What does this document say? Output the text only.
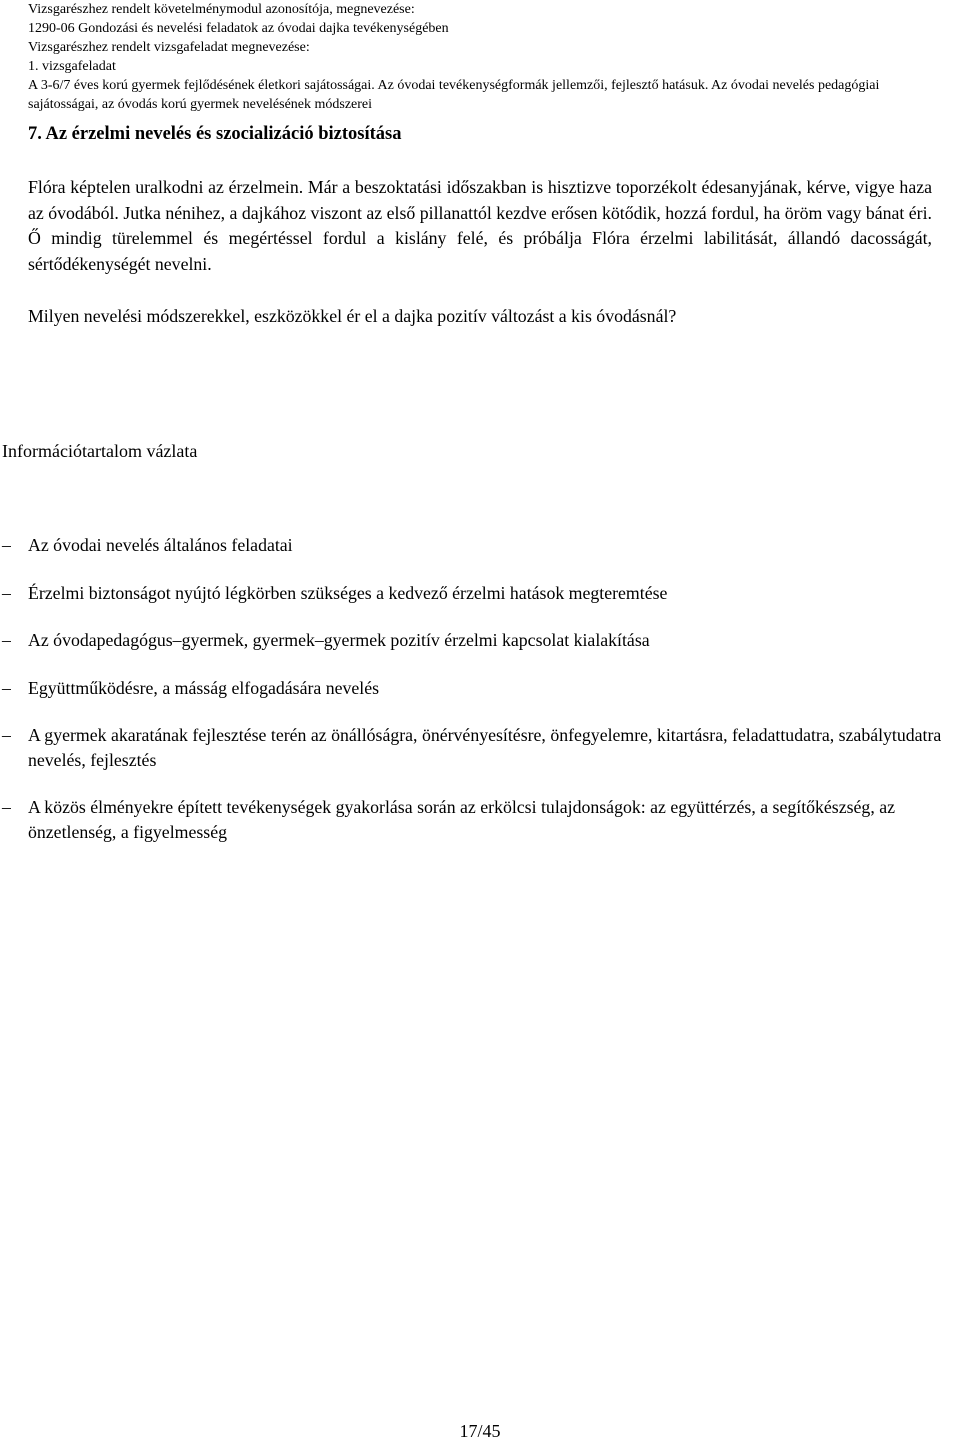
Vizsgarészhez rendelt követelménymodul azonosítója, megnevezése:
1290-06 Gondozási és nevelési feladatok az óvodai dajka tevékenységében
Vizsgarészhez rendelt vizsgafeladat megnevezése:
1. vizsgafeladat
A 3-6/7 éves korú gyermek fejlődésének életkori sajátosságai. Az óvodai tevékenységformák jellemzői, fejlesztő hatásuk. Az óvodai nevelés pedagógiai sajátosságai, az óvodás korú gyermek nevelésének módszerei
7. Az érzelmi nevelés és szocializáció biztosítása
Flóra képtelen uralkodni az érzelmein. Már a beszoktatási időszakban is hisztizve toporzékolt édesanyjának, kérve, vigye haza az óvodából. Jutka nénihez, a dajkához viszont az első pillanattól kezdve erősen kötődik, hozzá fordul, ha öröm vagy bánat éri. Ő mindig türelemmel és megértéssel fordul a kislány felé, és próbálja Flóra érzelmi labilitását, állandó dacosságát, sértődékenységét nevelni.
Milyen nevelési módszerekkel, eszközökkel ér el a dajka pozitív változást a kis óvodásnál?
Információtartalom vázlata
– Az óvodai nevelés általános feladatai
– Érzelmi biztonságot nyújtó légkörben szükséges a kedvező érzelmi hatások megteremtése
– Az óvodapedagógus–gyermek, gyermek–gyermek pozitív érzelmi kapcsolat kialakítása
– Együttműködésre, a másság elfogadására nevelés
– A gyermek akaratának fejlesztése terén az önállóságra, önérvényesítésre, önfegyelemre, kitartásra, feladattudatra, szabálytudatra nevelés, fejlesztés
– A közös élményekre épített tevékenységek gyakorlása során az erkölcsi tulajdonságok: az együttérzés, a segítőkészség, az önzetlenség, a figyelmesség
17/45
